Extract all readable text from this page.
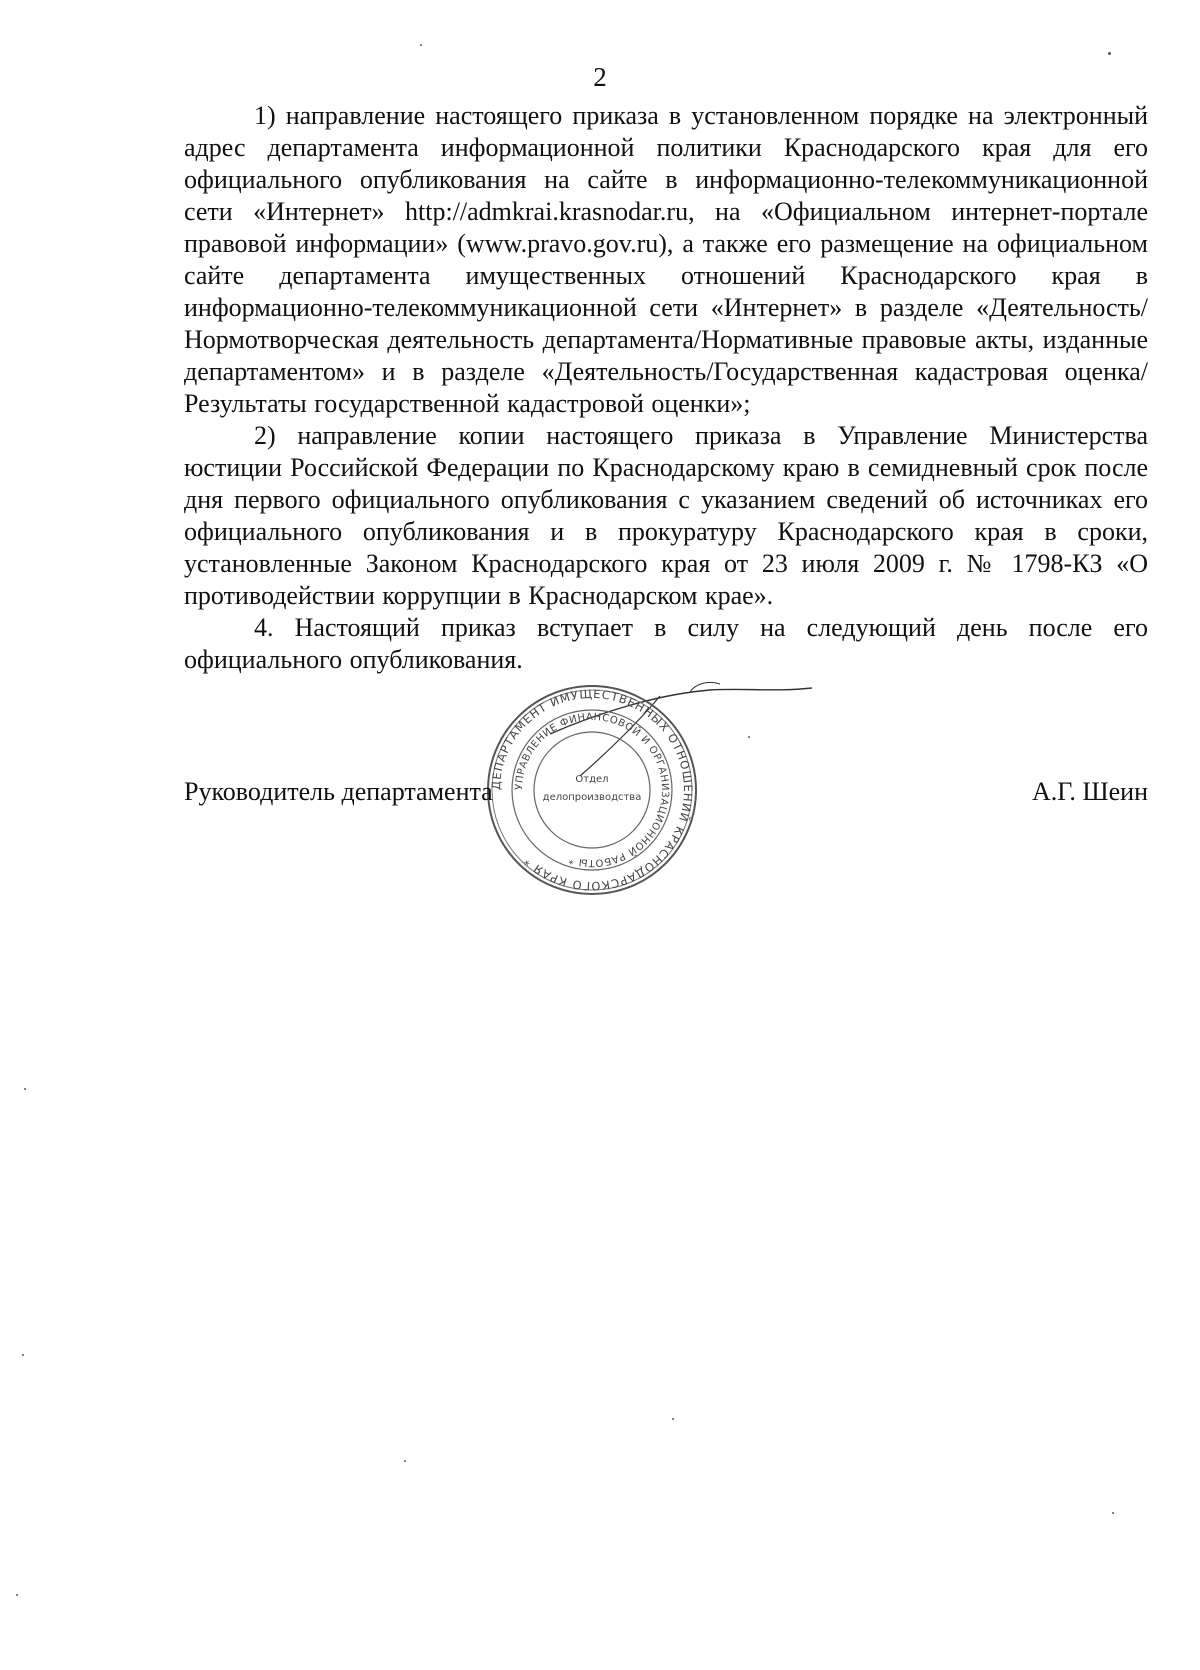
2

1) направление настоящего приказа в установленном порядке на электронный адрес департамента информационной политики Краснодарского края для его официального опубликования на сайте в информационно-телекоммуникационной сети «Интернет» http://admkrai.krasnodar.ru, на «Официальном интернет-портале правовой информации» (www.pravo.gov.ru), а также его размещение на официальном сайте департамента имущественных отношений Краснодарского края в информационно-телекоммуникационной сети «Интернет» в разделе «Деятельность/Нормотворческая деятельность департамента/Нормативные правовые акты, изданные департаментом» и в разделе «Деятельность/Государственная кадастровая оценка/Результаты государственной кадастровой оценки»;

2) направление копии настоящего приказа в Управление Министерства юстиции Российской Федерации по Краснодарскому краю в семидневный срок после дня первого официального опубликования с указанием сведений об источниках его официального опубликования и в прокуратуру Краснодарского края в сроки, установленные Законом Краснодарского края от 23 июля 2009 г. № 1798-КЗ «О противодействии коррупции в Краснодарском крае».

4. Настоящий приказ вступает в силу на следующий день после его официального опубликования.

ДЕПАРТАМЕНТ ИМУЩЕСТВЕННЫХ ОТНОШЕНИЙ КРАСНОДАРСКОГО КРАЯ *
УПРАВЛЕНИЕ ФИНАНСОВОЙ И ОРГАНИЗАЦИОННОЙ РАБОТЫ *
Отдел
делопроизводства
Руководитель департамента	А.Г. Шеин
